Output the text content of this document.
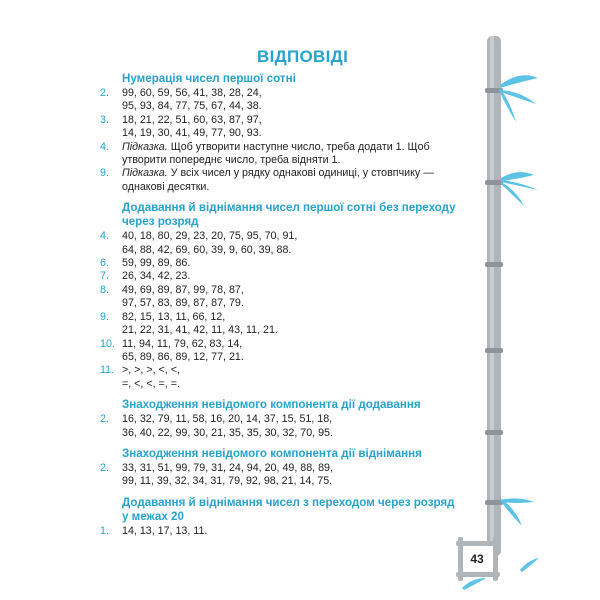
ВІДПОВІДІ
Нумерація чисел першої сотні
2.	99, 60, 59, 56, 41, 38, 28, 24,
95, 93, 84, 77, 75, 67, 44, 38.
3.	18, 21, 22, 51, 60, 63, 87, 97,
14, 19, 30, 41, 49, 77, 90, 93.
4.	Підказка. Щоб утворити наступне число, треба додати 1. Щоб
утворити попереднє число, треба відняти 1.
9.	Підказка. У всіх чисел у рядку однакові одиниці, у стовпчику —
однакові десятки.
Додавання й віднімання чисел першої сотні без переходу
через розряд
4.	40, 18, 80, 29, 23, 20, 75, 95, 70, 91,
64, 88, 42, 69, 60, 39, 9, 60, 39, 88.
6.	59, 99, 89, 86.
7.	26, 34, 42, 23.
8.	49, 69, 89, 87, 99, 78, 87,
97, 57, 83, 89, 87, 87, 79.
9.	82, 15, 13, 11, 66, 12,
21, 22, 31, 41, 42, 11, 43, 11, 21.
10. 11, 94, 11, 79, 62, 83, 14,
65, 89, 86, 89, 12, 77, 21.
11. >, >, >, <, <,
=, <, <, =, =.
Знаходження невідомого компонента дії додавання
2.	16, 32, 79, 11, 58, 16, 20, 14, 37, 15, 51, 18,
36, 40, 22, 99, 30, 21, 35, 35, 30, 32, 70, 95.
Знаходження невідомого компонента дії віднімання
2.	33, 31, 51, 99, 79, 31, 24, 94, 20, 49, 88, 89,
99, 11, 39, 32, 34, 31, 79, 92, 98, 21, 14, 75.
Додавання й віднімання чисел з переходом через розряд
у межах 20
1.	14, 13, 17, 13, 11.
43
